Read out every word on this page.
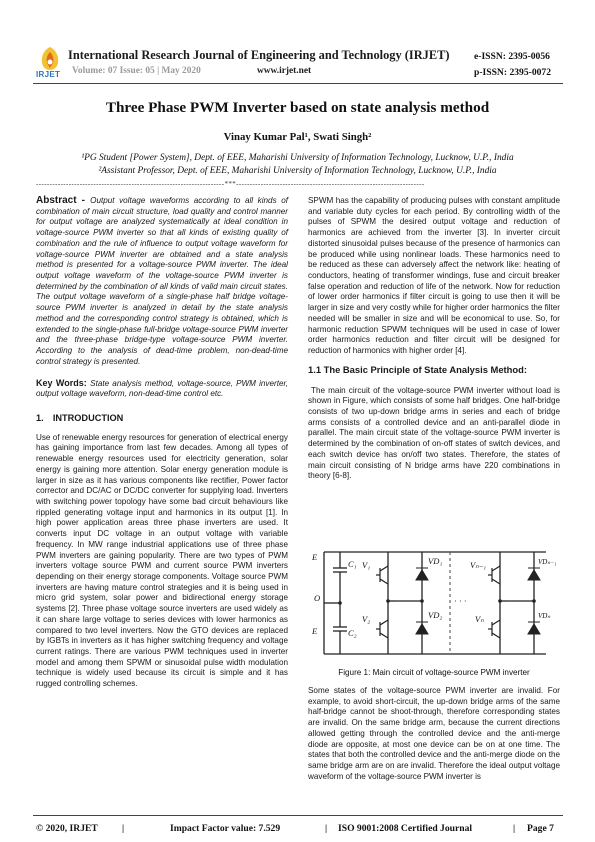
IRJET
International Research Journal of Engineering and Technology (IRJET)
Volume: 07 Issue: 05 | May 2020	www.irjet.net
e-ISSN: 2395-0056
p-ISSN: 2395-0072
Three Phase PWM Inverter based on state analysis method
Vinay Kumar Pal¹, Swati Singh²
¹PG Student [Power System], Dept. of EEE, Maharishi University of Information Technology, Lucknow, U.P., India
²Assistant Professor, Dept. of EEE, Maharishi University of Information Technology, Lucknow, U.P., India
---------------------------------------------------------------------***---------------------------------------------------------------------

Abstract - Output voltage waveforms according to all kinds of combination of main circuit structure, load quality and control manner for output voltage are analyzed systematically at ideal condition in voltage-source PWM inverter so that all kinds of existing quality of combination and the rule of influence to output voltage waveform for voltage-source PWM inverter are obtained and a state analysis method is presented for a voltage-source PWM inverter. The ideal output voltage waveform of the voltage-source PWM inverter is determined by the combination of all kinds of valid main circuit states. The output voltage waveform of a single-phase half bridge voltage-source PWM inverter is analyzed in detail by the state analysis method and the corresponding control strategy is obtained, which is extended to the single-phase full-bridge voltage-source PWM inverter and the three-phase bridge-type voltage-source PWM inverter. According to the analysis of dead-time problem, non-dead-time control strategy is presented.

Key Words: State analysis method, voltage-source, PWM inverter, output voltage waveform, non-dead-time control etc.

1. INTRODUCTION

Use of renewable energy resources for generation of electrical energy has gaining importance from last few decades. Among all types of renewable energy resources used for electricity generation, solar energy is gaining more attention. Solar energy generation module is larger in size as it has various components like rectifier, Power factor corrector and DC/AC or DC/DC converter for supplying load. Inverters with switching power topology have some bad circuit behaviours like rippled generating voltage input and harmonics in its output [1]. In high power application areas three phase inverters are used. It converts input DC voltage in an output voltage with variable frequency. In MW range industrial applications use of three phase PWM inverters are gaining popularity. There are two types of PWM inverters voltage source PWM and current source PWM inverters depending on their energy storage components. Voltage source PWM inverters are having mature control strategies and it is being used in micro grid system, solar power and bidirectional energy storage systems [2]. Three phase voltage source inverters are used widely as it can share large voltage to series devices with lower harmonics as compared to two level inverters. Now the GTO devices are replaced by IGBTs in inverters as it has higher switching frequency and voltage current ratings. There are various PWM techniques used in inverter model and among them SPWM or sinusoidal pulse width modulation technique is widely used because its circuit is simple and it has rugged controlling schemes.

SPWM has the capability of producing pulses with constant amplitude and variable duty cycles for each period. By controlling width of the pulses of SPWM the desired output voltage and reduction of harmonics are achieved from the inverter [3]. In inverter circuit distorted sinusoidal pulses because of the presence of harmonics can be produced while using nonlinear loads. These harmonics need to be reduced as these can adversely affect the network like: heating of conductors, heating of transformer windings, fuse and circuit breaker false operation and reduction of life of the network. Now for reduction of lower order harmonics if filter circuit is going to use then it will be larger in size and very costly while for higher order harmonics the filter needed will be smaller in size and will be economical to use. So, for harmonic reduction SPWM techniques will be used in case of lower order harmonics reduction and filter circuit will be designed for reduction of harmonics with higher order [4].

1.1 The Basic Principle of State Analysis Method:

The main circuit of the voltage-source PWM inverter without load is shown in Figure, which consists of some half bridges. One half-bridge consists of two up-down bridge arms in series and each of bridge arms consists of a controlled device and an anti-parallel diode in parallel. The main circuit state of the voltage-source PWM inverter is determined by the combination of on-off states of switch devices, and each switch device has on/off two states. Therefore, the states of main circuit consisting of N bridge arms have 220 combinations in theory [6-8].

E
C₁
E	C₂
O
V₁	VD₁	Vₙ₋₁	VDₙ₋₁
V₂	VD₂	Vₙ	VDₙ
· · ·
Figure 1: Main circuit of voltage-source PWM inverter

Some states of the voltage-source PWM inverter are invalid. For example, to avoid short-circuit, the up-down bridge arms of the same half-bridge cannot be shoot-through, therefore corresponding states are invalid. On the same bridge arm, because the current directions allowed getting through the controlled device and the anti-merge diode are opposite, at most one device can be on at one time. The states that both the controlled device and the anti-merge diode on the same bridge arm are on are invalid. Therefore the ideal output voltage waveform of the voltage-source PWM inverter is

© 2020, IRJET	|	Impact Factor value: 7.529	| ISO 9001:2008 Certified Journal	| Page 7
